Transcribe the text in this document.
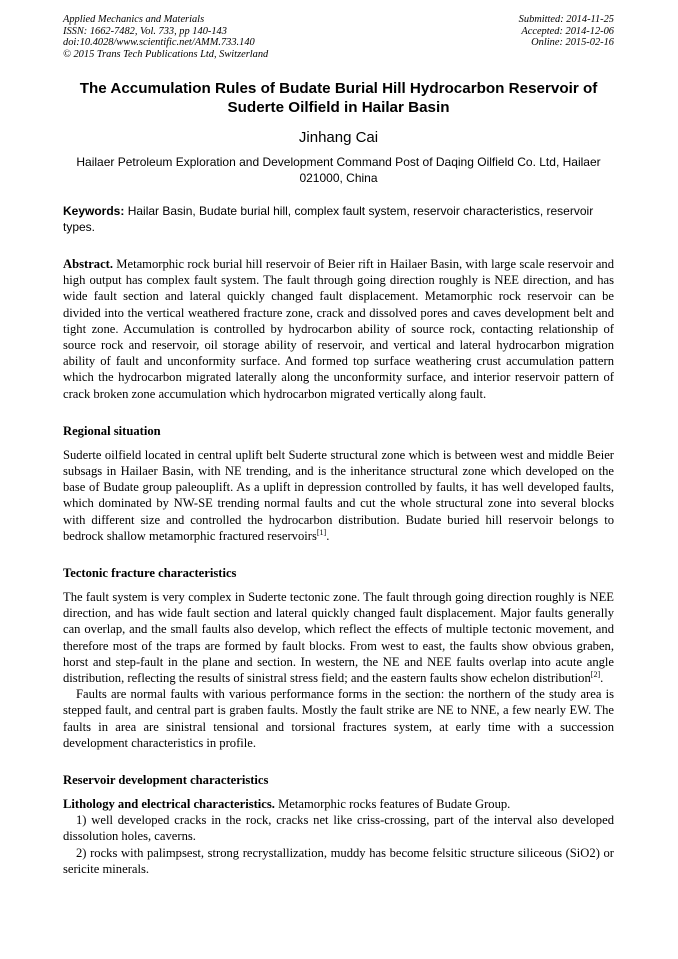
Applied Mechanics and Materials
ISSN: 1662-7482, Vol. 733, pp 140-143
doi:10.4028/www.scientific.net/AMM.733.140
© 2015 Trans Tech Publications Ltd, Switzerland
Submitted: 2014-11-25
Accepted: 2014-12-06
Online: 2015-02-16
The Accumulation Rules of Budate Burial Hill Hydrocarbon Reservoir of Suderte Oilfield in Hailar Basin
Jinhang Cai
Hailaer Petroleum Exploration and Development Command Post of Daqing Oilfield Co. Ltd, Hailaer 021000, China
Keywords: Hailar Basin, Budate burial hill, complex fault system, reservoir characteristics, reservoir types.

Abstract. Metamorphic rock burial hill reservoir of Beier rift in Hailaer Basin, with large scale reservoir and high output has complex fault system. The fault through going direction roughly is NEE direction, and has wide fault section and lateral quickly changed fault displacement. Metamorphic rock reservoir can be divided into the vertical weathered fracture zone, crack and dissolved pores and caves development belt and tight zone. Accumulation is controlled by hydrocarbon ability of source rock, contacting relationship of source rock and reservoir, oil storage ability of reservoir, and vertical and lateral hydrocarbon migration ability of fault and unconformity surface. And formed top surface weathering crust accumulation pattern which the hydrocarbon migrated laterally along the unconformity surface, and interior reservoir pattern of crack broken zone accumulation which hydrocarbon migrated vertically along fault.

Regional situation

Suderte oilfield located in central uplift belt Suderte structural zone which is between west and middle Beier subsags in Hailaer Basin, with NE trending, and is the inheritance structural zone which developed on the base of Budate group paleouplift. As a uplift in depression controlled by faults, it has well developed faults, which dominated by NW-SE trending normal faults and cut the whole structural zone into several blocks with different size and controlled the hydrocarbon distribution. Budate buried hill reservoir belongs to bedrock shallow metamorphic fractured reservoirs[1].

Tectonic fracture characteristics

The fault system is very complex in Suderte tectonic zone. The fault through going direction roughly is NEE direction, and has wide fault section and lateral quickly changed fault displacement. Major faults generally can overlap, and the small faults also develop, which reflect the effects of multiple tectonic movement, and therefore most of the traps are formed by fault blocks. From west to east, the faults show obvious graben, horst and step-fault in the plane and section. In western, the NE and NEE faults overlap into acute angle distribution, reflecting the results of sinistral stress field; and the eastern faults show echelon distribution[2].

Faults are normal faults with various performance forms in the section: the northern of the study area is stepped fault, and central part is graben faults. Mostly the fault strike are NE to NNE, a few nearly EW. The faults in area are sinistral tensional and torsional fractures system, at early time with a succession development characteristics in profile.

Reservoir development characteristics

Lithology and electrical characteristics. Metamorphic rocks features of Budate Group.

1) well developed cracks in the rock, cracks net like criss-crossing, part of the interval also developed dissolution holes, caverns.

2) rocks with palimpsest, strong recrystallization, muddy has become felsitic structure siliceous (SiO2) or sericite minerals.
